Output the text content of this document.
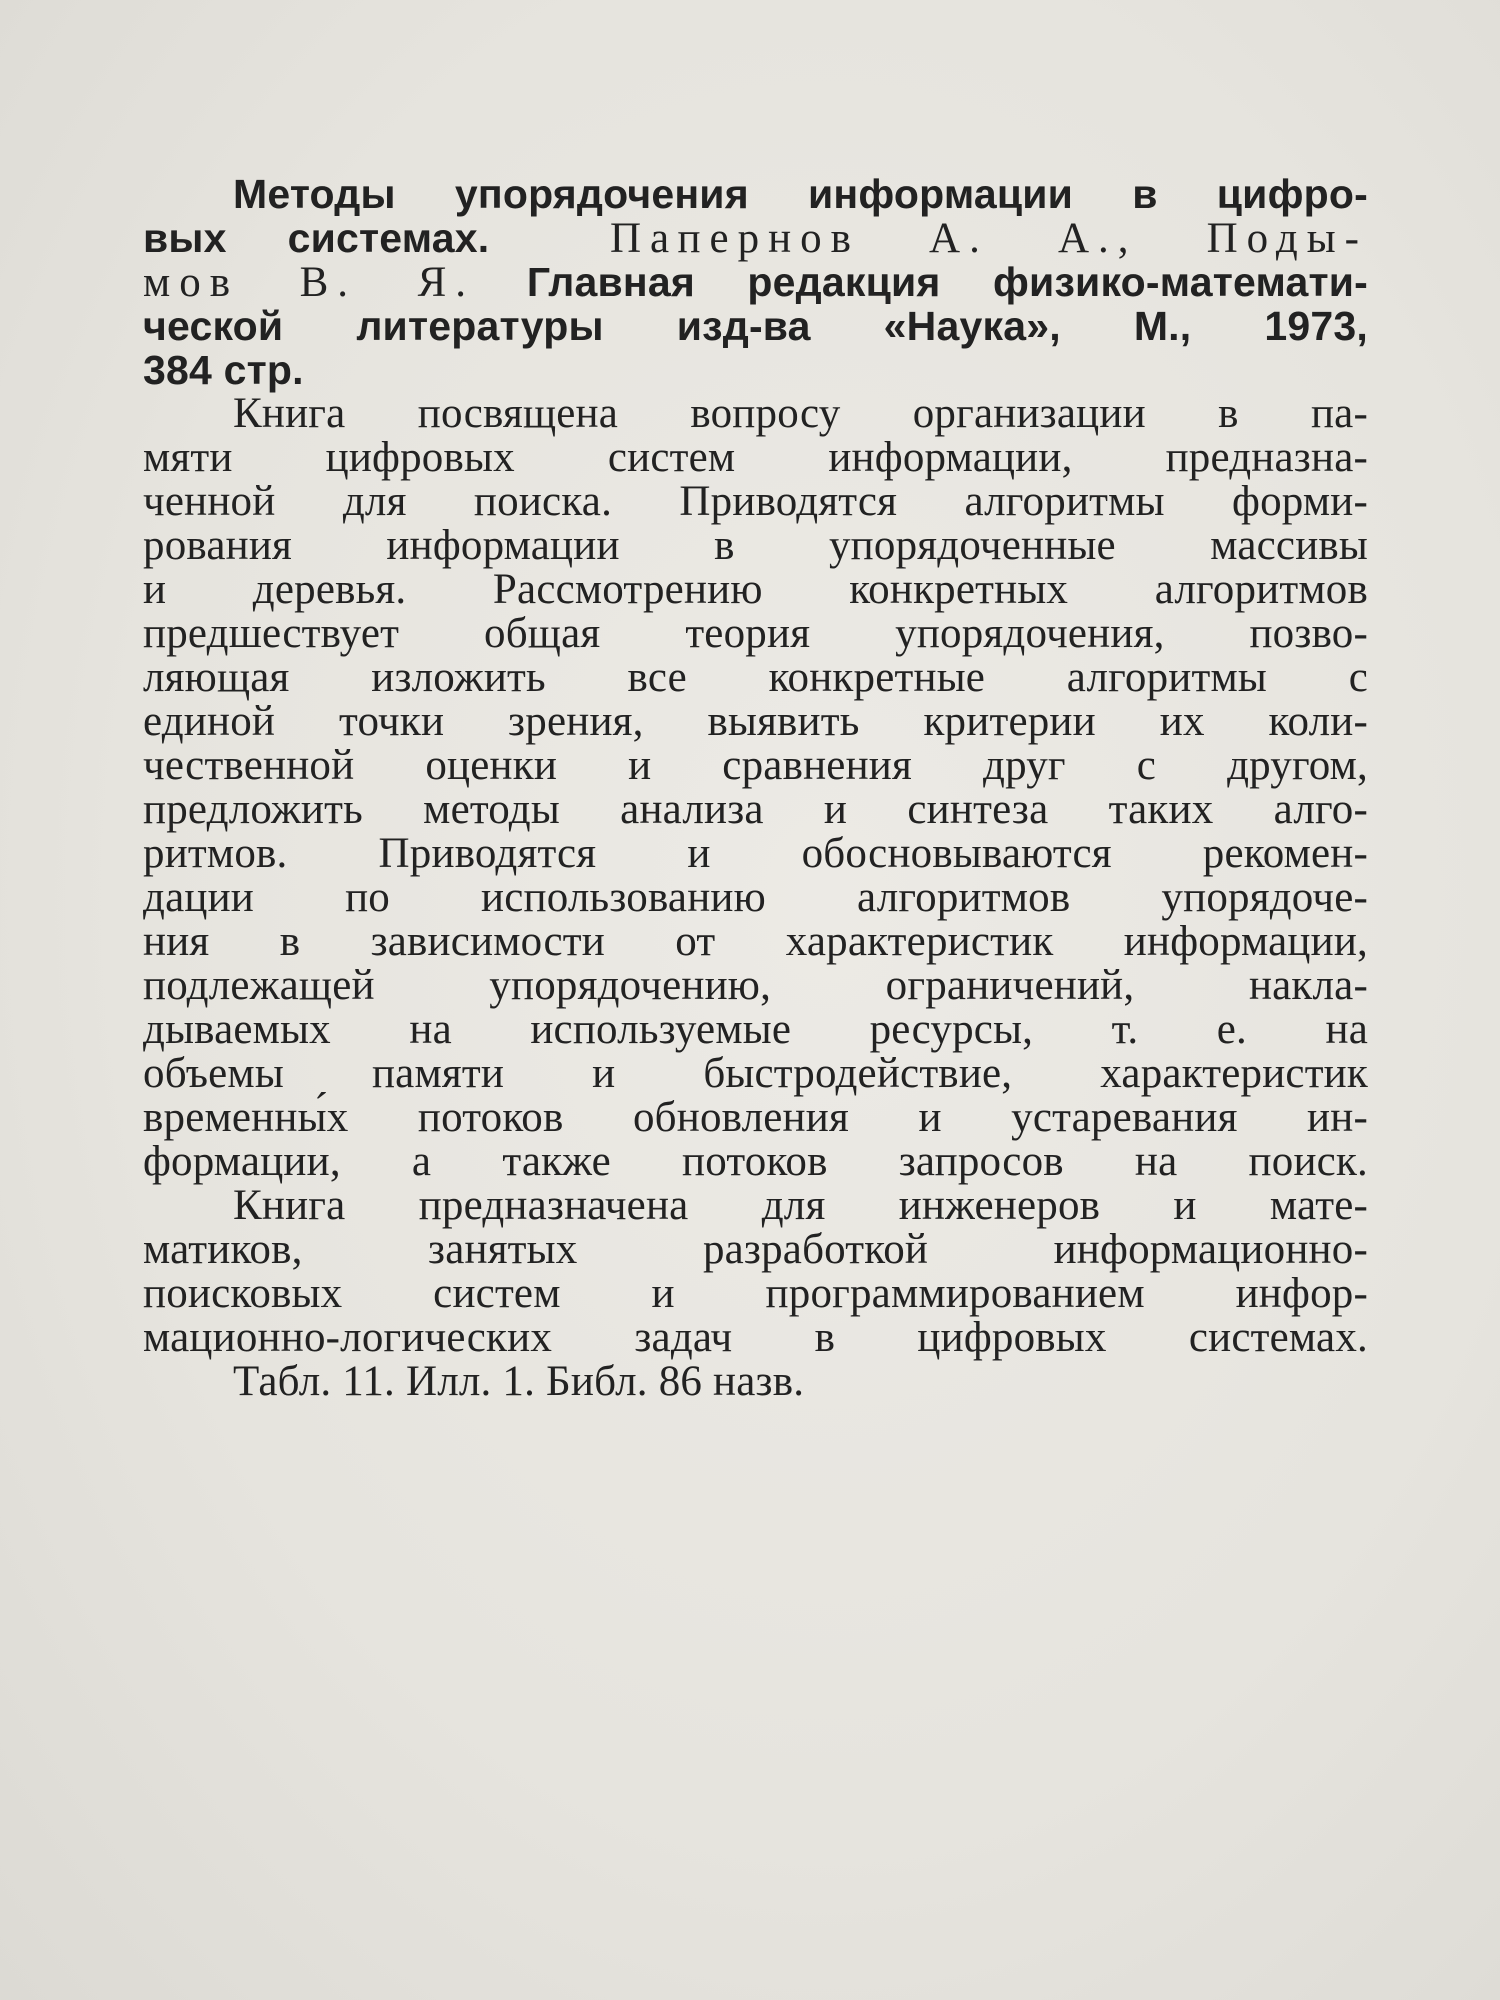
Методы упорядочения информации в цифро-
вых системах.	Папернов А. А., Поды-
мов В. Я. Главная редакция физико-математи-
ческой литературы изд-ва «Наука», М., 1973,
384 стр.
Книга посвящена вопросу организации в па-
мяти цифровых систем информации, предназна-
ченной для поиска. Приводятся алгоритмы форми-
рования информации в упорядоченные массивы
и деревья. Рассмотрению конкретных алгоритмов
предшествует общая теория упорядочения, позво-
ляющая изложить все конкретные алгоритмы с
единой точки зрения, выявить критерии их коли-
чественной оценки и сравнения друг с другом,
предложить методы анализа и синтеза таких алго-
ритмов. Приводятся и обосновываются рекомен-
дации по использованию алгоритмов упорядоче-
ния в зависимости от характеристик информации,
подлежащей упорядочению, ограничений, накла-
дываемых на используемые ресурсы, т. е. на
объемы памяти и быстродействие, характеристик
временны́х потоков обновления и устаревания ин-
формации, а также потоков запросов на поиск.
Книга предназначена для инженеров и мате-
матиков, занятых разработкой информационно-
поисковых систем и программированием инфор-
мационно-логических задач в цифровых системах.
Табл. 11. Илл. 1. Библ. 86 назв.
